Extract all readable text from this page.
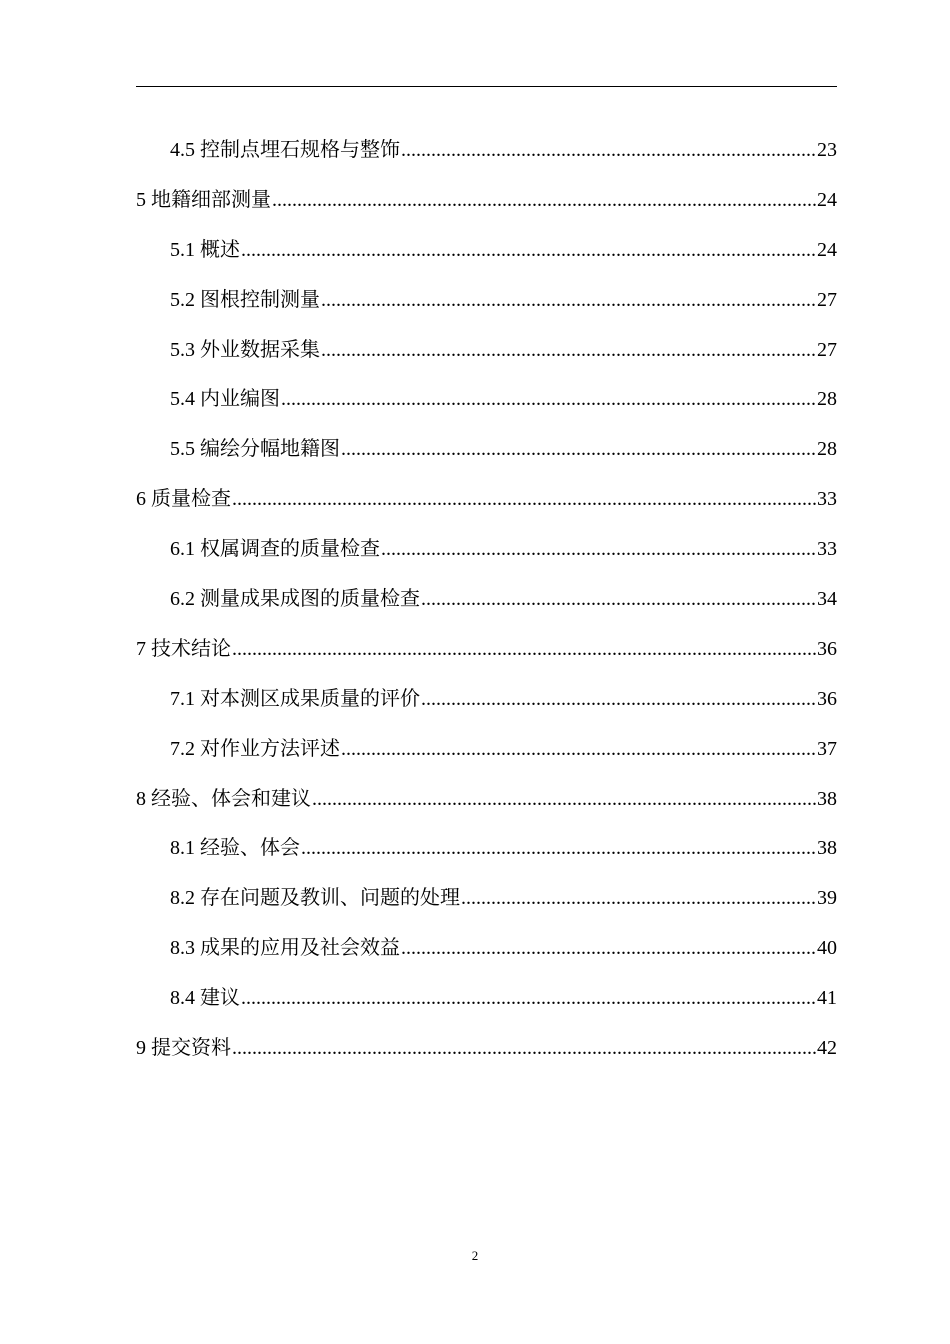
4.5 控制点埋石规格与整饰 .....	23
5 地籍细部测量 .....	24
5.1 概述 .....	24
5.2 图根控制测量 .....	27
5.3 外业数据采集 .....	27
5.4 内业编图 .....	28
5.5 编绘分幅地籍图 .....	28
6 质量检查 .....	33
6.1 权属调查的质量检查 .....	33
6.2 测量成果成图的质量检查 .....	34
7 技术结论 .....	36
7.1 对本测区成果质量的评价 .....	36
7.2 对作业方法评述 .....	37
8 经验、体会和建议 .....	38
8.1 经验、体会 .....	38
8.2 存在问题及教训、问题的处理 .....	39
8.3 成果的应用及社会效益 .....	40
8.4 建议 .....	41
9 提交资料 .....	42
2
